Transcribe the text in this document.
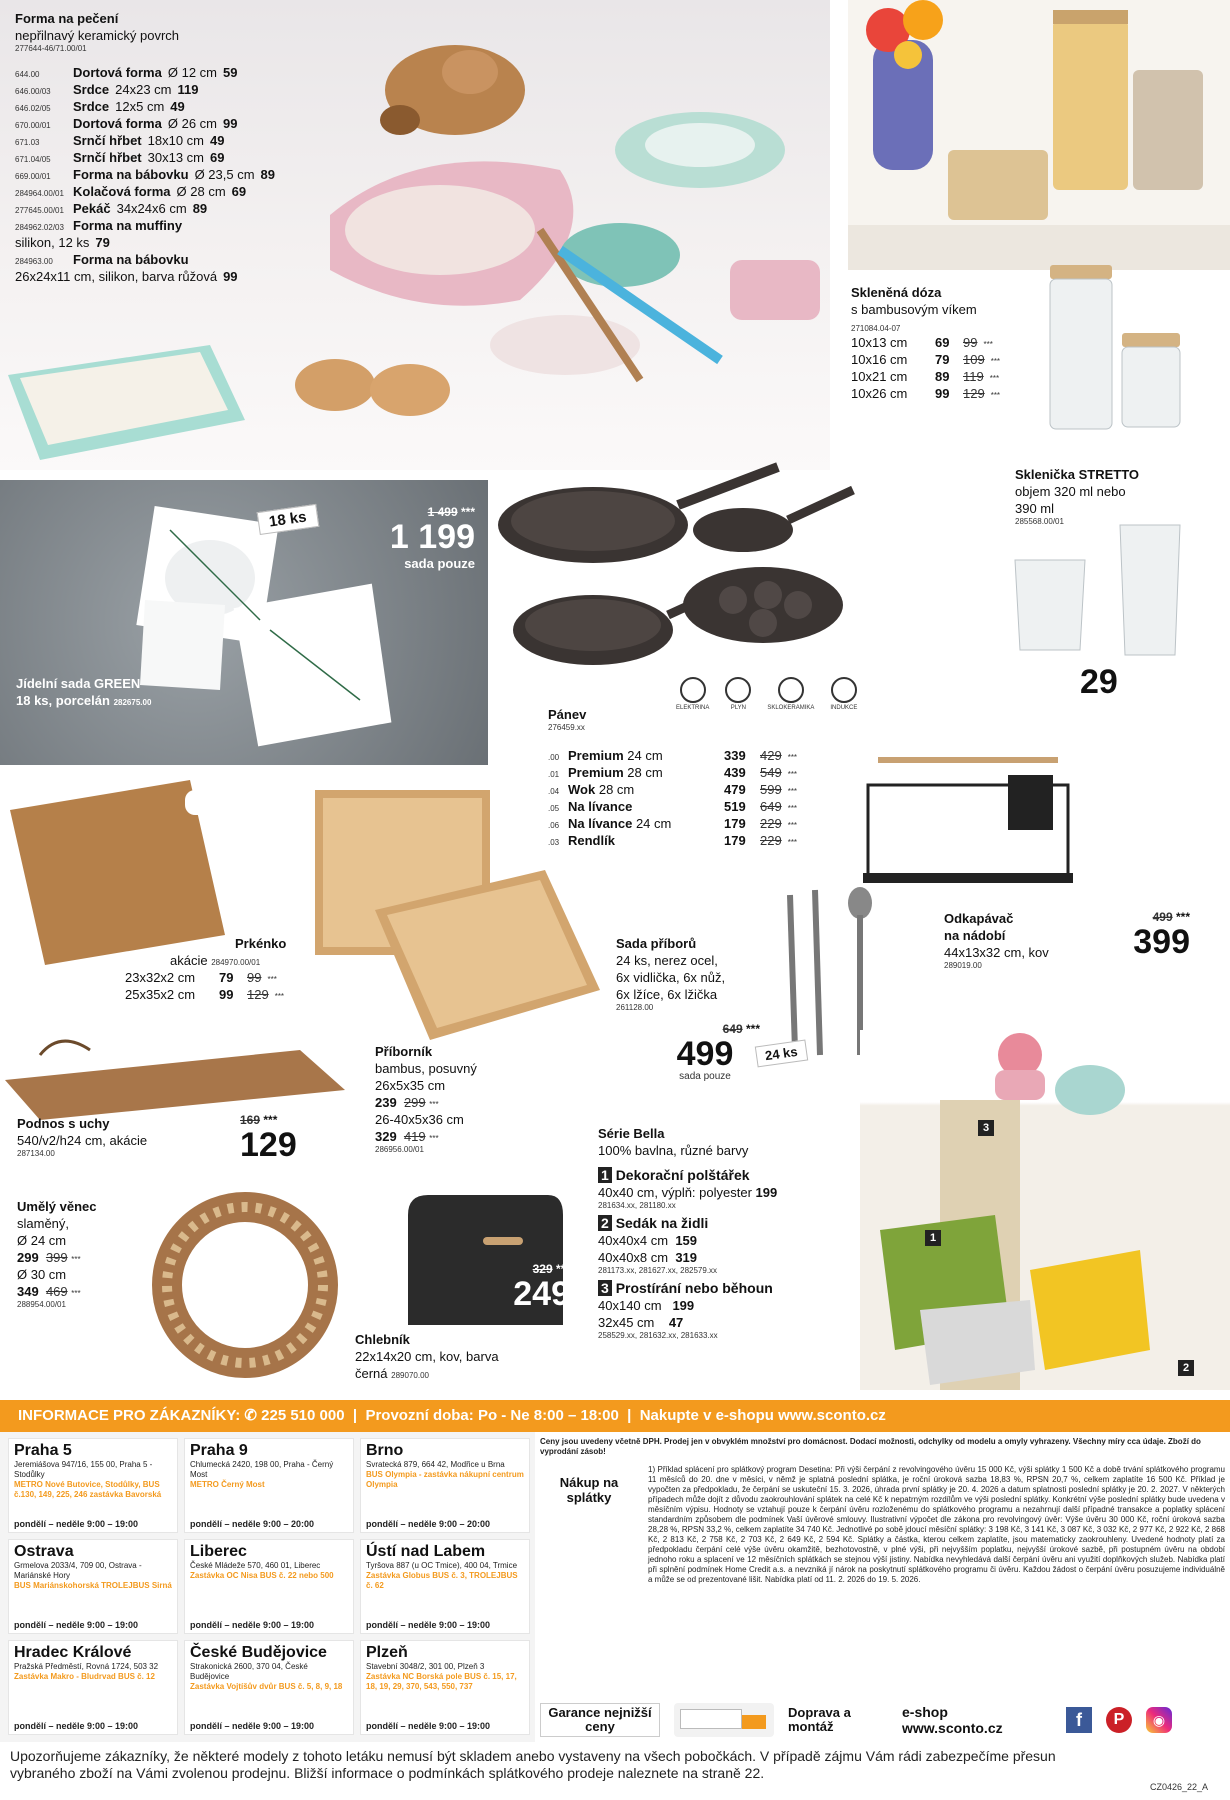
ELEKTRINA	PLYN	SKLOKERAMIKA	INDUKCE
Forma na pečení
nepřilnavý keramický povrch
277644-46/71.00/01
644.00	Dortová forma Ø 12 cm 59
646.00/03	Srdce 24x23 cm 119
646.02/05	Srdce 12x5 cm 49
670.00/01	Dortová forma Ø 26 cm 99
671.03	Srnčí hřbet 18x10 cm 49
671.04/05	Srnčí hřbet 30x13 cm 69
669.00/01	Forma na bábovku Ø 23,5 cm 89
284964.00/01 Kolačová forma Ø 28 cm 69
277645.00/01 Pekáč 34x24x6 cm 89
284962.02/03 Forma na muffiny
silikon, 12 ks 79
284963.00	Forma na bábovku
26x24x11 cm, silikon, barva růžová 99
Skleněná dóza
s bambusovým víkem
271084.04-07
10x13 cm	69	99 ***
10x16 cm	79	109 ***
10x21 cm	89	119 ***
10x26 cm	99	129 ***
18 ks	1 499 ***
1 199
sada pouze
Jídelní sada GREEN
18 ks, porcelán 282675.00
Pánev
276459.xx
.00 Premium 24 cm	339	429 ***
.01 Premium 28 cm	439	549 ***
.04 Wok 28 cm	479	599 ***
.05 Na lívance	519	649 ***
.06 Na lívance 24 cm	179	229 ***
.03 Rendlík	179	229 ***
Sklenička STRETTO
objem 320 ml nebo
390 ml
285568.00/01
29
Prkénko
akácie 284970.00/01
23x32x2 cm	79	99 ***
25x35x2 cm	99	129 ***
Příborník
bambus, posuvný
26x5x35 cm
239 299 ***
26-40x5x36 cm
329 419 ***
286956.00/01
Sada příborů
24 ks, nerez ocel,
6x vidlička, 6x nůž,
6x lžíce, 6x lžička
261128.00
649 ***
499
sada pouze
24 ks
Odkapávač
na nádobí
44x13x32 cm, kov
289019.00
499 ***
399
Podnos s uchy
540/v2/h24 cm, akácie
287134.00
169 ***
129
Umělý věnec
slaměný,
Ø 24 cm
299 399 ***
Ø 30 cm
349 469 ***
288954.00/01
329 ***
249
Chlebník
22x14x20 cm, kov, barva
černá 289070.00
Série Bella
100% bavlna, různé barvy
1 Dekorační polštářek
40x40 cm, výplň: polyester 199
281634.xx, 281180.xx
2 Sedák na židli
40x40x4 cm 159
40x40x8 cm 319
281173.xx, 281627.xx, 282579.xx
3 Prostírání nebo běhoun
40x140 cm 199
32x45 cm 47
258529.xx, 281632.xx, 281633.xx
1
2
3
INFORMACE PRO ZÁKAZNÍKY: ✆ 225 510 000  |  Provozní doba: Po - Ne 8:00 – 18:00  |  Nakupte v e-shopu www.sconto.cz
Praha 5
Jeremiášova 947/16, 155 00, Praha 5 - Stodůlky
METRO Nové Butovice, Stodůlky, BUS č.130, 149, 225, 246 zastávka Bavorská
pondělí – neděle 9:00 – 19:00
Praha 9
Chlumecká 2420, 198 00, Praha - Černý Most
METRO Černý Most
pondělí – neděle 9:00 – 20:00
Brno
Svratecká 879, 664 42, Modřice u Brna
BUS Olympia - zastávka nákupní centrum Olympia
pondělí – neděle 9:00 – 20:00
Ostrava
Grmelova 2033/4, 709 00, Ostrava - Mariánské Hory
BUS Mariánskohorská TROLEJBUS Sirná
pondělí – neděle 9:00 – 19:00
Liberec
České Mládeže 570, 460 01, Liberec
Zastávka OC Nisa BUS č. 22 nebo 500
pondělí – neděle 9:00 – 19:00
Ústí nad Labem
Tyršova 887 (u OC Tmice), 400 04, Trmice
Zastávka Globus BUS č. 3, TROLEJBUS č. 62
pondělí – neděle 9:00 – 19:00
Hradec Králové
Pražská Předměstí, Rovná 1724, 503 32
Zastávka Makro - Bludrvad BUS č. 12
pondělí – neděle 9:00 – 19:00
České Budějovice
Strakonická 2600, 370 04, České Budějovice
Zastávka Vojtíšův dvůr BUS č. 5, 8, 9, 18
pondělí – neděle 9:00 – 19:00
Plzeň
Stavební 3048/2, 301 00, Plzeň 3
Zastávka NC Borská pole BUS č. 15, 17, 18, 19, 29, 370, 543, 550, 737
pondělí – neděle 9:00 – 19:00
Ceny jsou uvedeny včetně DPH. Prodej jen v obvyklém množství pro domácnost. Dodací možnosti, odchylky od modelu a omyly vyhrazeny. Všechny míry cca údaje. Zboží do vyprodání zásob!
Nákup na splátky
1) Příklad splácení pro splátkový program Desetina: Při výši čerpání z revolvingového úvěru 15 000 Kč, výši splátky 1 500 Kč a době trvání splátkového programu 11 měsíců do 20. dne v měsíci, v němž je splatná poslední splátka, je roční úroková sazba 18,83 %, RPSN 20,7 %, celkem zaplatíte 16 500 Kč. Příklad je vypočten za předpokladu, že čerpání se uskuteční 15. 3. 2026, úhrada první splátky je 20. 4. 2026 a datum splatnosti poslední splátky je 20. 2. 2027. V některých případech může dojít z důvodu zaokrouhlování splátek na celé Kč k nepatrným rozdílům ve výši poslední splátky. Konkrétní výše poslední splátky bude uvedena v měsíčním výpisu. Hodnoty se vztahují pouze k čerpání úvěru rozloženému do splátkového programu a nezahrnují další případné transakce a poplatky splácení standardním způsobem dle podmínek Vaší úvěrové smlouvy. Ilustrativní výpočet dle zákona pro revolvingový úvěr: Výše úvěru 30 000 Kč, roční úroková sazba 28,28 %, RPSN 33,2 %, celkem zaplatíte 34 740 Kč. Jednotlivé po sobě jdoucí měsíční splátky: 3 198 Kč, 3 141 Kč, 3 087 Kč, 3 032 Kč, 2 977 Kč, 2 922 Kč, 2 868 Kč, 2 813 Kč, 2 758 Kč, 2 703 Kč, 2 649 Kč, 2 594 Kč. Splátky a částka, kterou celkem zaplatíte, jsou matematicky zaokrouhleny. Uvedené hodnoty platí za předpokladu čerpání celé výše úvěru okamžitě, bezhotovostně, v plné výši, při nejvyšším poplatku, nejvyšší úrokové sazbě, při postupném úvěru na období jednoho roku a splacení ve 12 měsíčních splátkách se stejnou výší jistiny. Nabídka nevyhledává další čerpání úvěru ani využití doplňkových služeb. Nabídka platí při splnění podmínek Home Credit a.s. a nevzniká jí nárok na poskytnutí splátkového programu či úvěru. Každou žádost o čerpání úvěru posuzujeme individuálně a může se od prezentované lišit. Nabídka platí od 11. 2. 2026 do 19. 5. 2026.
Garance nejnižší ceny
Doprava a montáž
e-shop
www.sconto.cz	f	P	◉
Upozorňujeme zákazníky, že některé modely z tohoto letáku nemusí být skladem anebo vystaveny na všech pobočkách. V případě zájmu Vám rádi zabezpečíme přesun vybraného zboží na Vámi zvolenou prodejnu. Bližší informace o podmínkách splátkového prodeje naleznete na straně 22.
CZ0426_22_A
